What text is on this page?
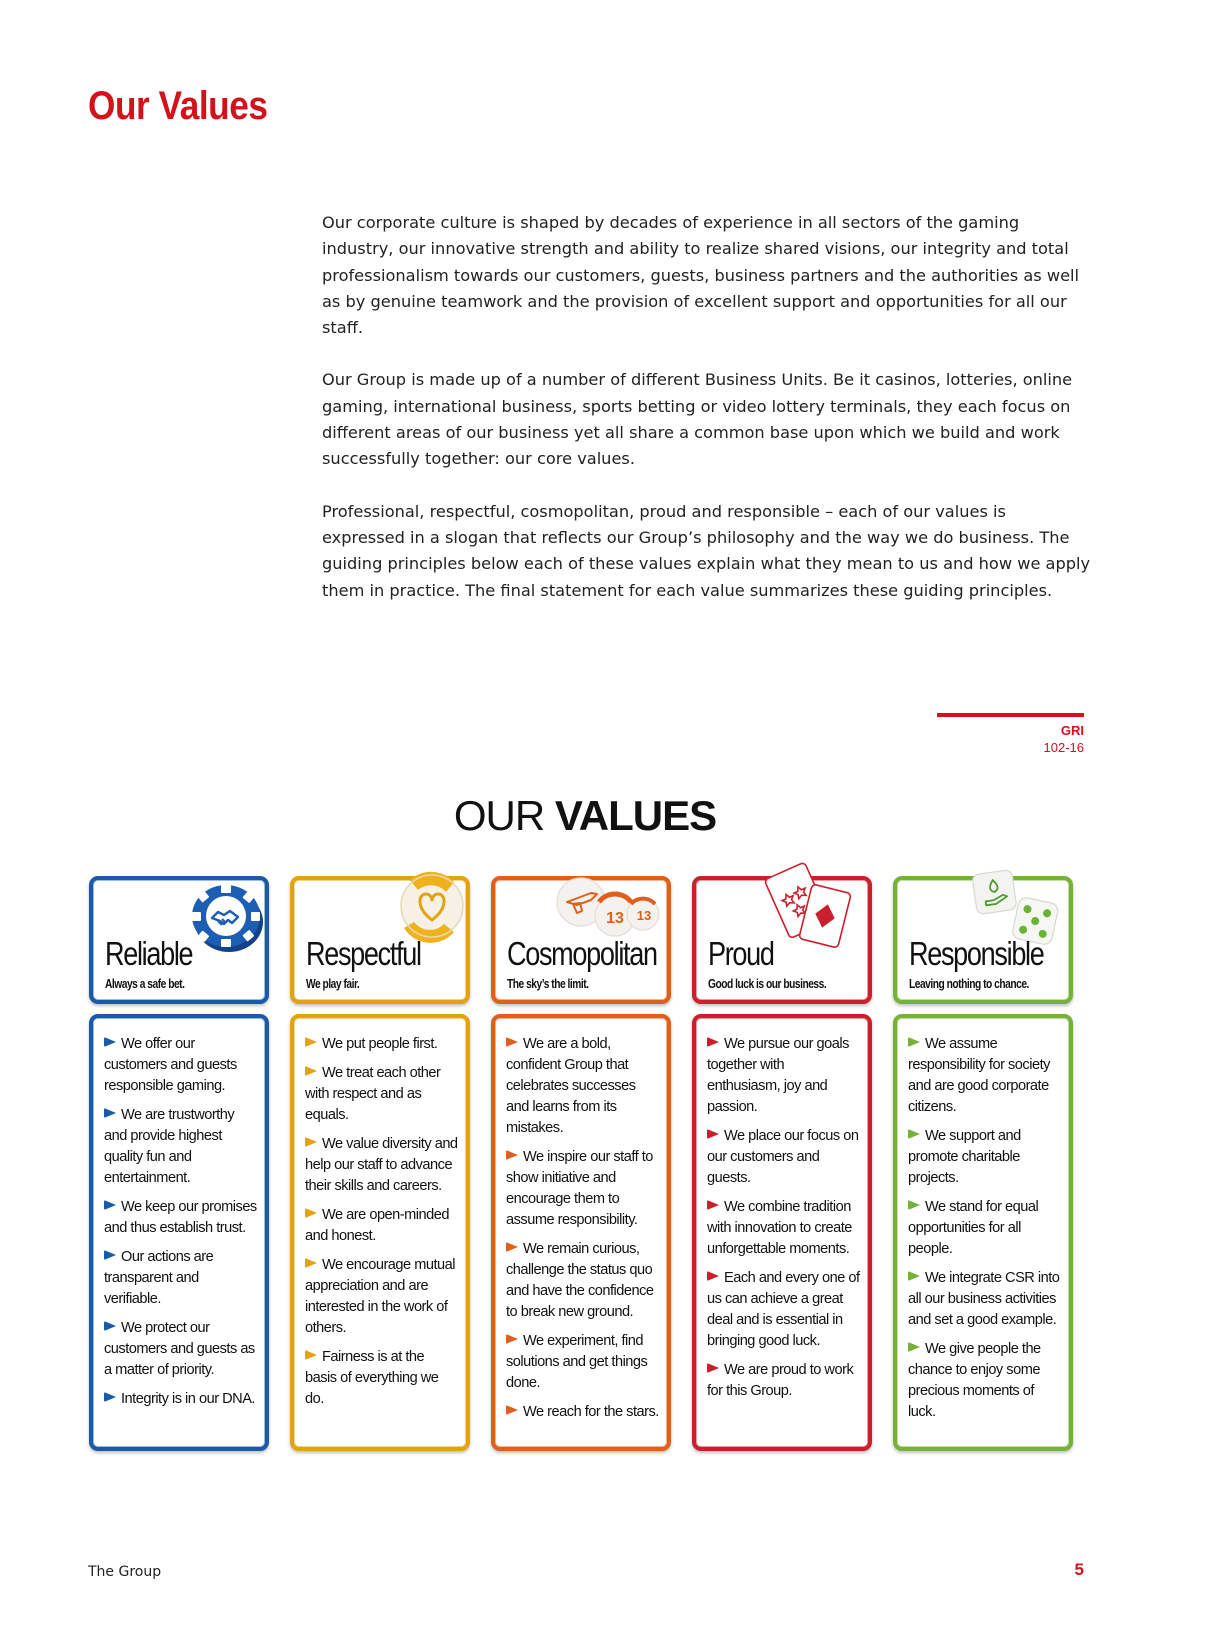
Our Values

Our corporate culture is shaped by decades of experience in all sectors of the gaming industry, our innovative strength and ability to realize shared visions, our integrity and total professionalism towards our customers, guests, business partners and the authorities as well as by genuine teamwork and the provision of excellent support and opportunities for all our staff.

Our Group is made up of a number of different Business Units. Be it casinos, lotteries, online gaming, international business, sports betting or video lottery terminals, they each focus on different areas of our business yet all share a common base upon which we build and work successfully together: our core values.

Professional, respectful, cosmopolitan, proud and responsible – each of our values is expressed in a slogan that reflects our Group’s philosophy and the way we do business. The guiding principles below each of these values explain what they mean to us and how we apply them in practice. The final statement for each value summarizes these guiding principles.

GRI
102-16
OUR VALUES
Reliable
Always a safe bet.
We offer our customers and guests responsible gaming.
We are trustworthy and provide highest quality fun and entertainment.
We keep our promises and thus establish trust.
Our actions are transparent and verifiable.
We protect our customers and guests as a matter of priority.
Integrity is in our DNA.
Respectful
We play fair.
We put people first.
We treat each other with respect and as equals.
We value diversity and help our staff to advance their skills and careers.
We are open-minded and honest.
We encourage mutual appreciation and are interested in the work of others.
Fairness is at the basis of everything we do.
13 13
Cosmopolitan
The sky’s the limit.
We are a bold, confident Group that celebrates successes and learns from its mistakes.
We inspire our staff to show initiative and encourage them to assume responsibility.
We remain curious, challenge the status quo and have the confidence to break new ground.
We experiment, find solutions and get things done.
We reach for the stars.
Proud
Good luck is our business.
We pursue our goals together with enthusiasm, joy and passion.
We place our focus on our customers and guests.
We combine tradition with innovation to create unforgettable moments.
Each and every one of us can achieve a great deal and is essential in bringing good luck.
We are proud to work for this Group.
Responsible
Leaving nothing to chance.
We assume responsibility for society and are good corporate citizens.
We support and promote charitable projects.
We stand for equal opportunities for all people.
We integrate CSR into all our business activities and set a good example.
We give people the chance to enjoy some precious moments of luck.
The Group	5
